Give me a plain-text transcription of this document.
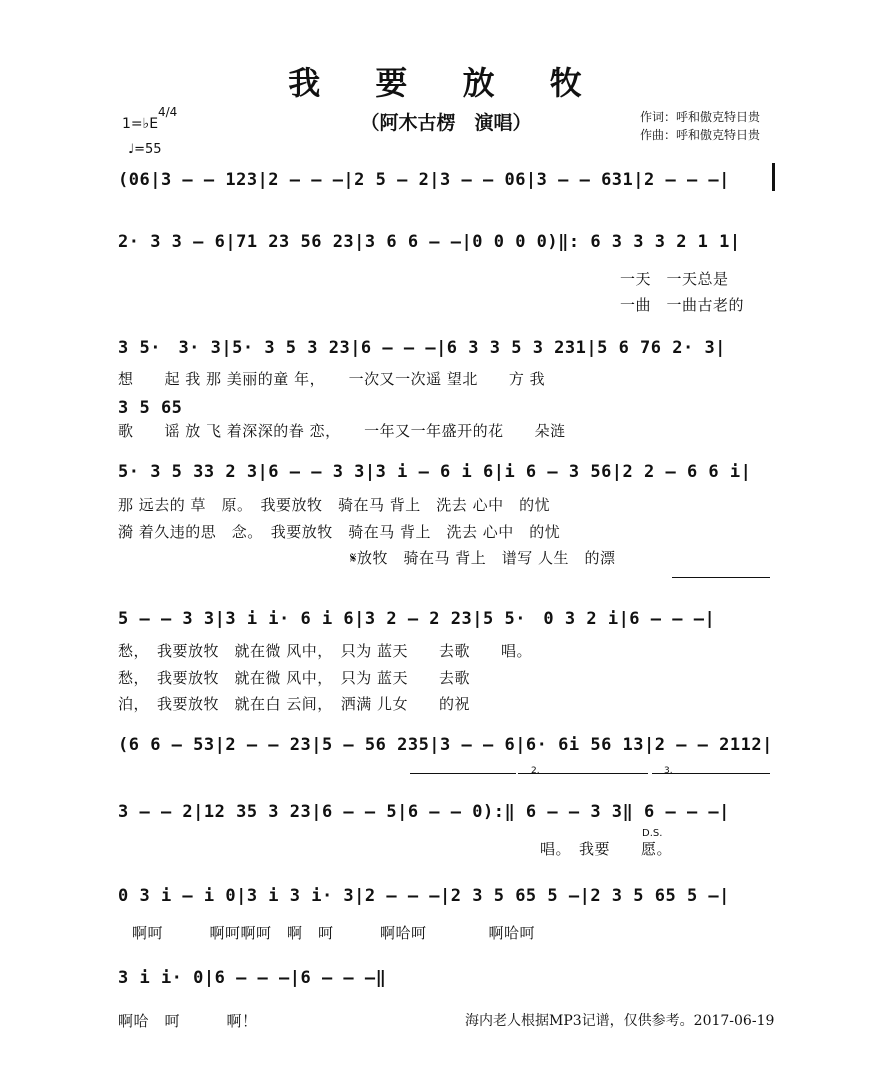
我 要 放 牧
（阿木古楞　演唱）	作词：呼和傲克特日贵
作曲：呼和傲克特日贵
1=♭E
4/4
♩=55
(06|3 – – 123|2 – – –|2 5 – 2|3 – – 06|3 – – 631|2 – – –|
2· 3 3 – 6|71 23 56 23|3 6 6 – –|0 0 0 0)‖: 6 3 3 3 2 1 1|
一天　一天总是
一曲　一曲古老的
3 5·　3· 3|5· 3 5 3 23|6 – – –|6 3 3 5 3 231|5 6 76 2· 3|
想　　起 我 那 美丽的童 年，　　一次又一次遥 望北　　方 我
3 5 65
歌　　谣 放 飞 着深深的眷 恋，　　一年又一年盛开的花　　朵涟
5· 3 5 33 2 3|6 – – 3 3|3 i – 6 i 6|i 6 – 3 56|2 2 – 6 6 i|
那 远去的 草　原。　我要放牧　骑在马 背上　洗去 心中　的忧
漪 着久违的思　念。　我要放牧　骑在马 背上　洗去 心中　的忧
𝄋放牧　骑在马 背上　谱写 人生　的漂
5 – – 3 3|3 i i· 6 i 6|3 2 – 2 23|5 5·　0 3 2 i|6 – – –|
愁，　我要放牧　就在微 风中，　只为 蓝天　　去歌　　唱。
愁，　我要放牧　就在微 风中，　只为 蓝天　　去歌
泊，　我要放牧　就在白 云间，　洒满 儿女　　的祝
(6 6 – 53|2 – – 23|5 – 56 235|3 – – 6|6· 6i 56 13|2 – – 2112|
2.	3.
3 – – 2|12 35 3 23|6 – – 5|6 – – 0):‖ 6 – – 3 3‖ 6 – – –|
唱。　我要　　愿。
D.S.
0 3 i – i 0|3 i 3 i· 3|2 – – –|2 3 5 65 5 –|2 3 5 65 5 –|
啊呵　　　啊呵啊呵　啊　呵　　　啊哈呵　　　　啊哈呵
3 i i· 0|6 – – –|6 – – –‖
啊哈　呵　　　啊！	海内老人根据MP3记谱，仅供参考。2017-06-19
